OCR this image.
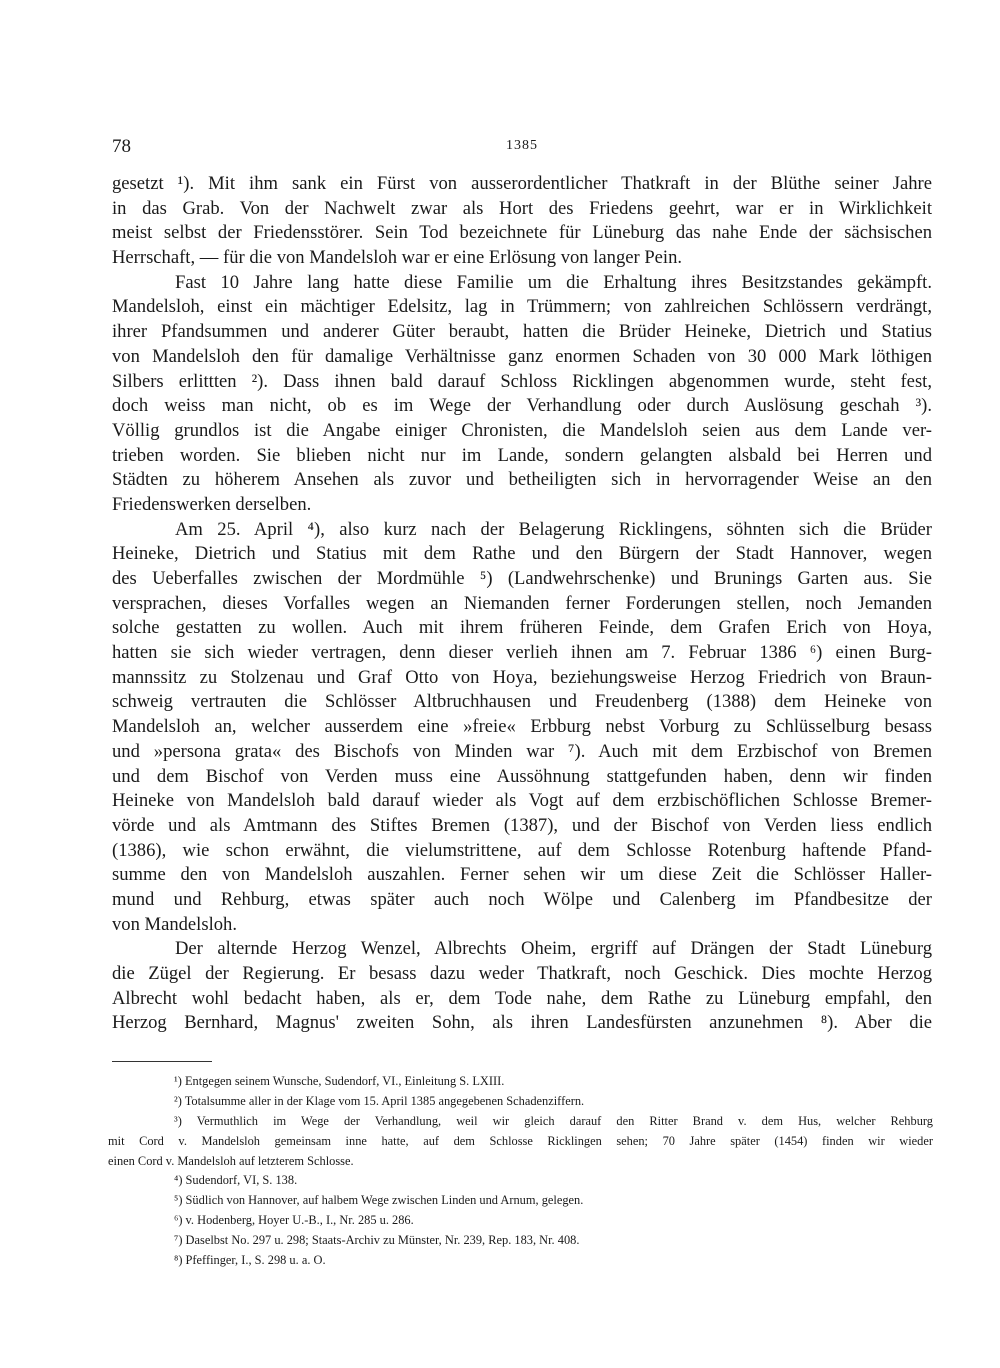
78	1385
gesetzt ¹). Mit ihm sank ein Fürst von ausserordentlicher Thatkraft in der Blüthe seiner Jahre
in das Grab. Von der Nachwelt zwar als Hort des Friedens geehrt, war er in Wirklichkeit
meist selbst der Friedensstörer. Sein Tod bezeichnete für Lüneburg das nahe Ende der sächsischen
Herrschaft, — für die von Mandelsloh war er eine Erlösung von langer Pein.
Fast 10 Jahre lang hatte diese Familie um die Erhaltung ihres Besitzstandes gekämpft.
Mandelsloh, einst ein mächtiger Edelsitz, lag in Trümmern; von zahlreichen Schlössern verdrängt,
ihrer Pfandsummen und anderer Güter beraubt, hatten die Brüder Heineke, Dietrich und Statius
von Mandelsloh den für damalige Verhältnisse ganz enormen Schaden von 30 000 Mark löthigen
Silbers erlittten ²). Dass ihnen bald darauf Schloss Ricklingen abgenommen wurde, steht fest,
doch weiss man nicht, ob es im Wege der Verhandlung oder durch Auslösung geschah ³).
Völlig grundlos ist die Angabe einiger Chronisten, die Mandelsloh seien aus dem Lande ver-
trieben worden. Sie blieben nicht nur im Lande, sondern gelangten alsbald bei Herren und
Städten zu höherem Ansehen als zuvor und betheiligten sich in hervorragender Weise an den
Friedenswerken derselben.
Am 25. April ⁴), also kurz nach der Belagerung Ricklingens, söhnten sich die Brüder
Heineke, Dietrich und Statius mit dem Rathe und den Bürgern der Stadt Hannover, wegen
des Ueberfalles zwischen der Mordmühle ⁵) (Landwehrschenke) und Brunings Garten aus. Sie
versprachen, dieses Vorfalles wegen an Niemanden ferner Forderungen stellen, noch Jemanden
solche gestatten zu wollen. Auch mit ihrem früheren Feinde, dem Grafen Erich von Hoya,
hatten sie sich wieder vertragen, denn dieser verlieh ihnen am 7. Februar 1386 ⁶) einen Burg-
mannssitz zu Stolzenau und Graf Otto von Hoya, beziehungsweise Herzog Friedrich von Braun-
schweig vertrauten die Schlösser Altbruchhausen und Freudenberg (1388) dem Heineke von
Mandelsloh an, welcher ausserdem eine »freie« Erbburg nebst Vorburg zu Schlüsselburg besass
und »persona grata« des Bischofs von Minden war ⁷). Auch mit dem Erzbischof von Bremen
und dem Bischof von Verden muss eine Aussöhnung stattgefunden haben, denn wir finden
Heineke von Mandelsloh bald darauf wieder als Vogt auf dem erzbischöflichen Schlosse Bremer-
vörde und als Amtmann des Stiftes Bremen (1387), und der Bischof von Verden liess endlich
(1386), wie schon erwähnt, die vielumstrittene, auf dem Schlosse Rotenburg haftende Pfand-
summe den von Mandelsloh auszahlen. Ferner sehen wir um diese Zeit die Schlösser Haller-
mund und Rehburg, etwas später auch noch Wölpe und Calenberg im Pfandbesitze der
von Mandelsloh.
Der alternde Herzog Wenzel, Albrechts Oheim, ergriff auf Drängen der Stadt Lüneburg
die Zügel der Regierung. Er besass dazu weder Thatkraft, noch Geschick. Dies mochte Herzog
Albrecht wohl bedacht haben, als er, dem Tode nahe, dem Rathe zu Lüneburg empfahl, den
Herzog Bernhard, Magnus' zweiten Sohn, als ihren Landesfürsten anzunehmen ⁸). Aber die
¹) Entgegen seinem Wunsche, Sudendorf, VI., Einleitung S. LXIII.
²) Totalsumme aller in der Klage vom 15. April 1385 angegebenen Schadenziffern.
³) Vermuthlich im Wege der Verhandlung, weil wir gleich darauf den Ritter Brand v. dem Hus, welcher Rehburg
mit Cord v. Mandelsloh gemeinsam inne hatte, auf dem Schlosse Ricklingen sehen; 70 Jahre später (1454) finden wir wieder
einen Cord v. Mandelsloh auf letzterem Schlosse.
⁴) Sudendorf, VI, S. 138.
⁵) Südlich von Hannover, auf halbem Wege zwischen Linden und Arnum, gelegen.
⁶) v. Hodenberg, Hoyer U.-B., I., Nr. 285 u. 286.
⁷) Daselbst No. 297 u. 298; Staats-Archiv zu Münster, Nr. 239, Rep. 183, Nr. 408.
⁸) Pfeffinger, I., S. 298 u. a. O.
